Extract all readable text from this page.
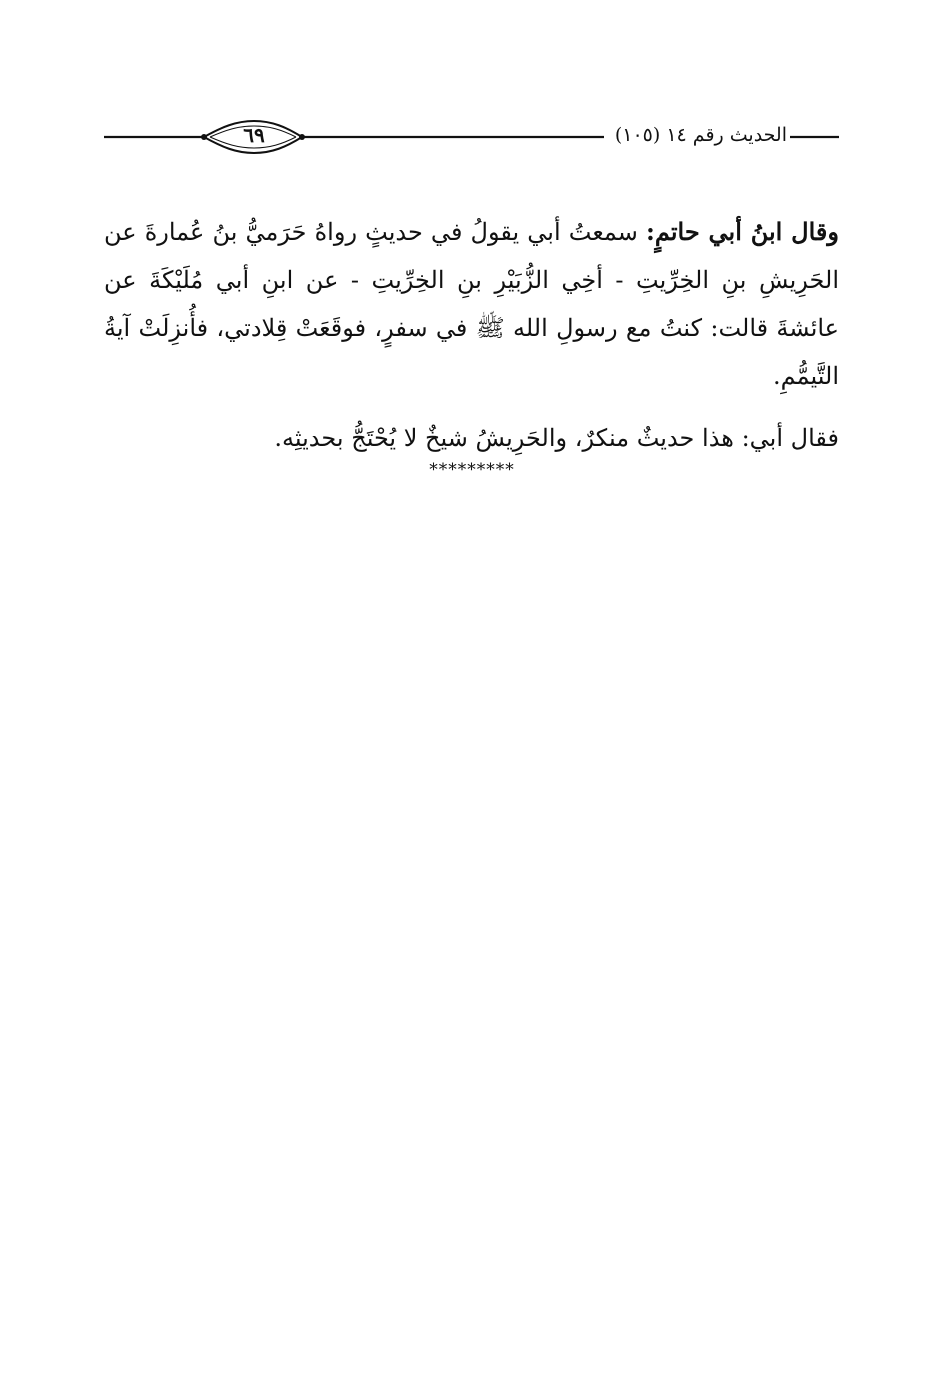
٦٩	الحديث رقم ١٤ (١٠٥)

وقال ابنُ أبي حاتمٍ: سمعتُ أبي يقولُ في حديثٍ رواهُ حَرَميُّ بنُ عُمارةَ عن الحَرِيشِ بنِ الخِرِّيتِ - أخِي الزُّبَيْرِ بنِ الخِرِّيتِ - عن ابنِ أبي مُلَيْكَةَ عن عائشةَ قالت: كنتُ مع رسولِ الله ﷺ في سفرٍ، فوقَعَتْ قِلادتي، فأُنزِلَتْ آيةُ التَّيمُّمِ.

فقال أبي: هذا حديثٌ منكرٌ، والحَرِيشُ شيخٌ لا يُحْتَجُّ بحديثِه.

*********
